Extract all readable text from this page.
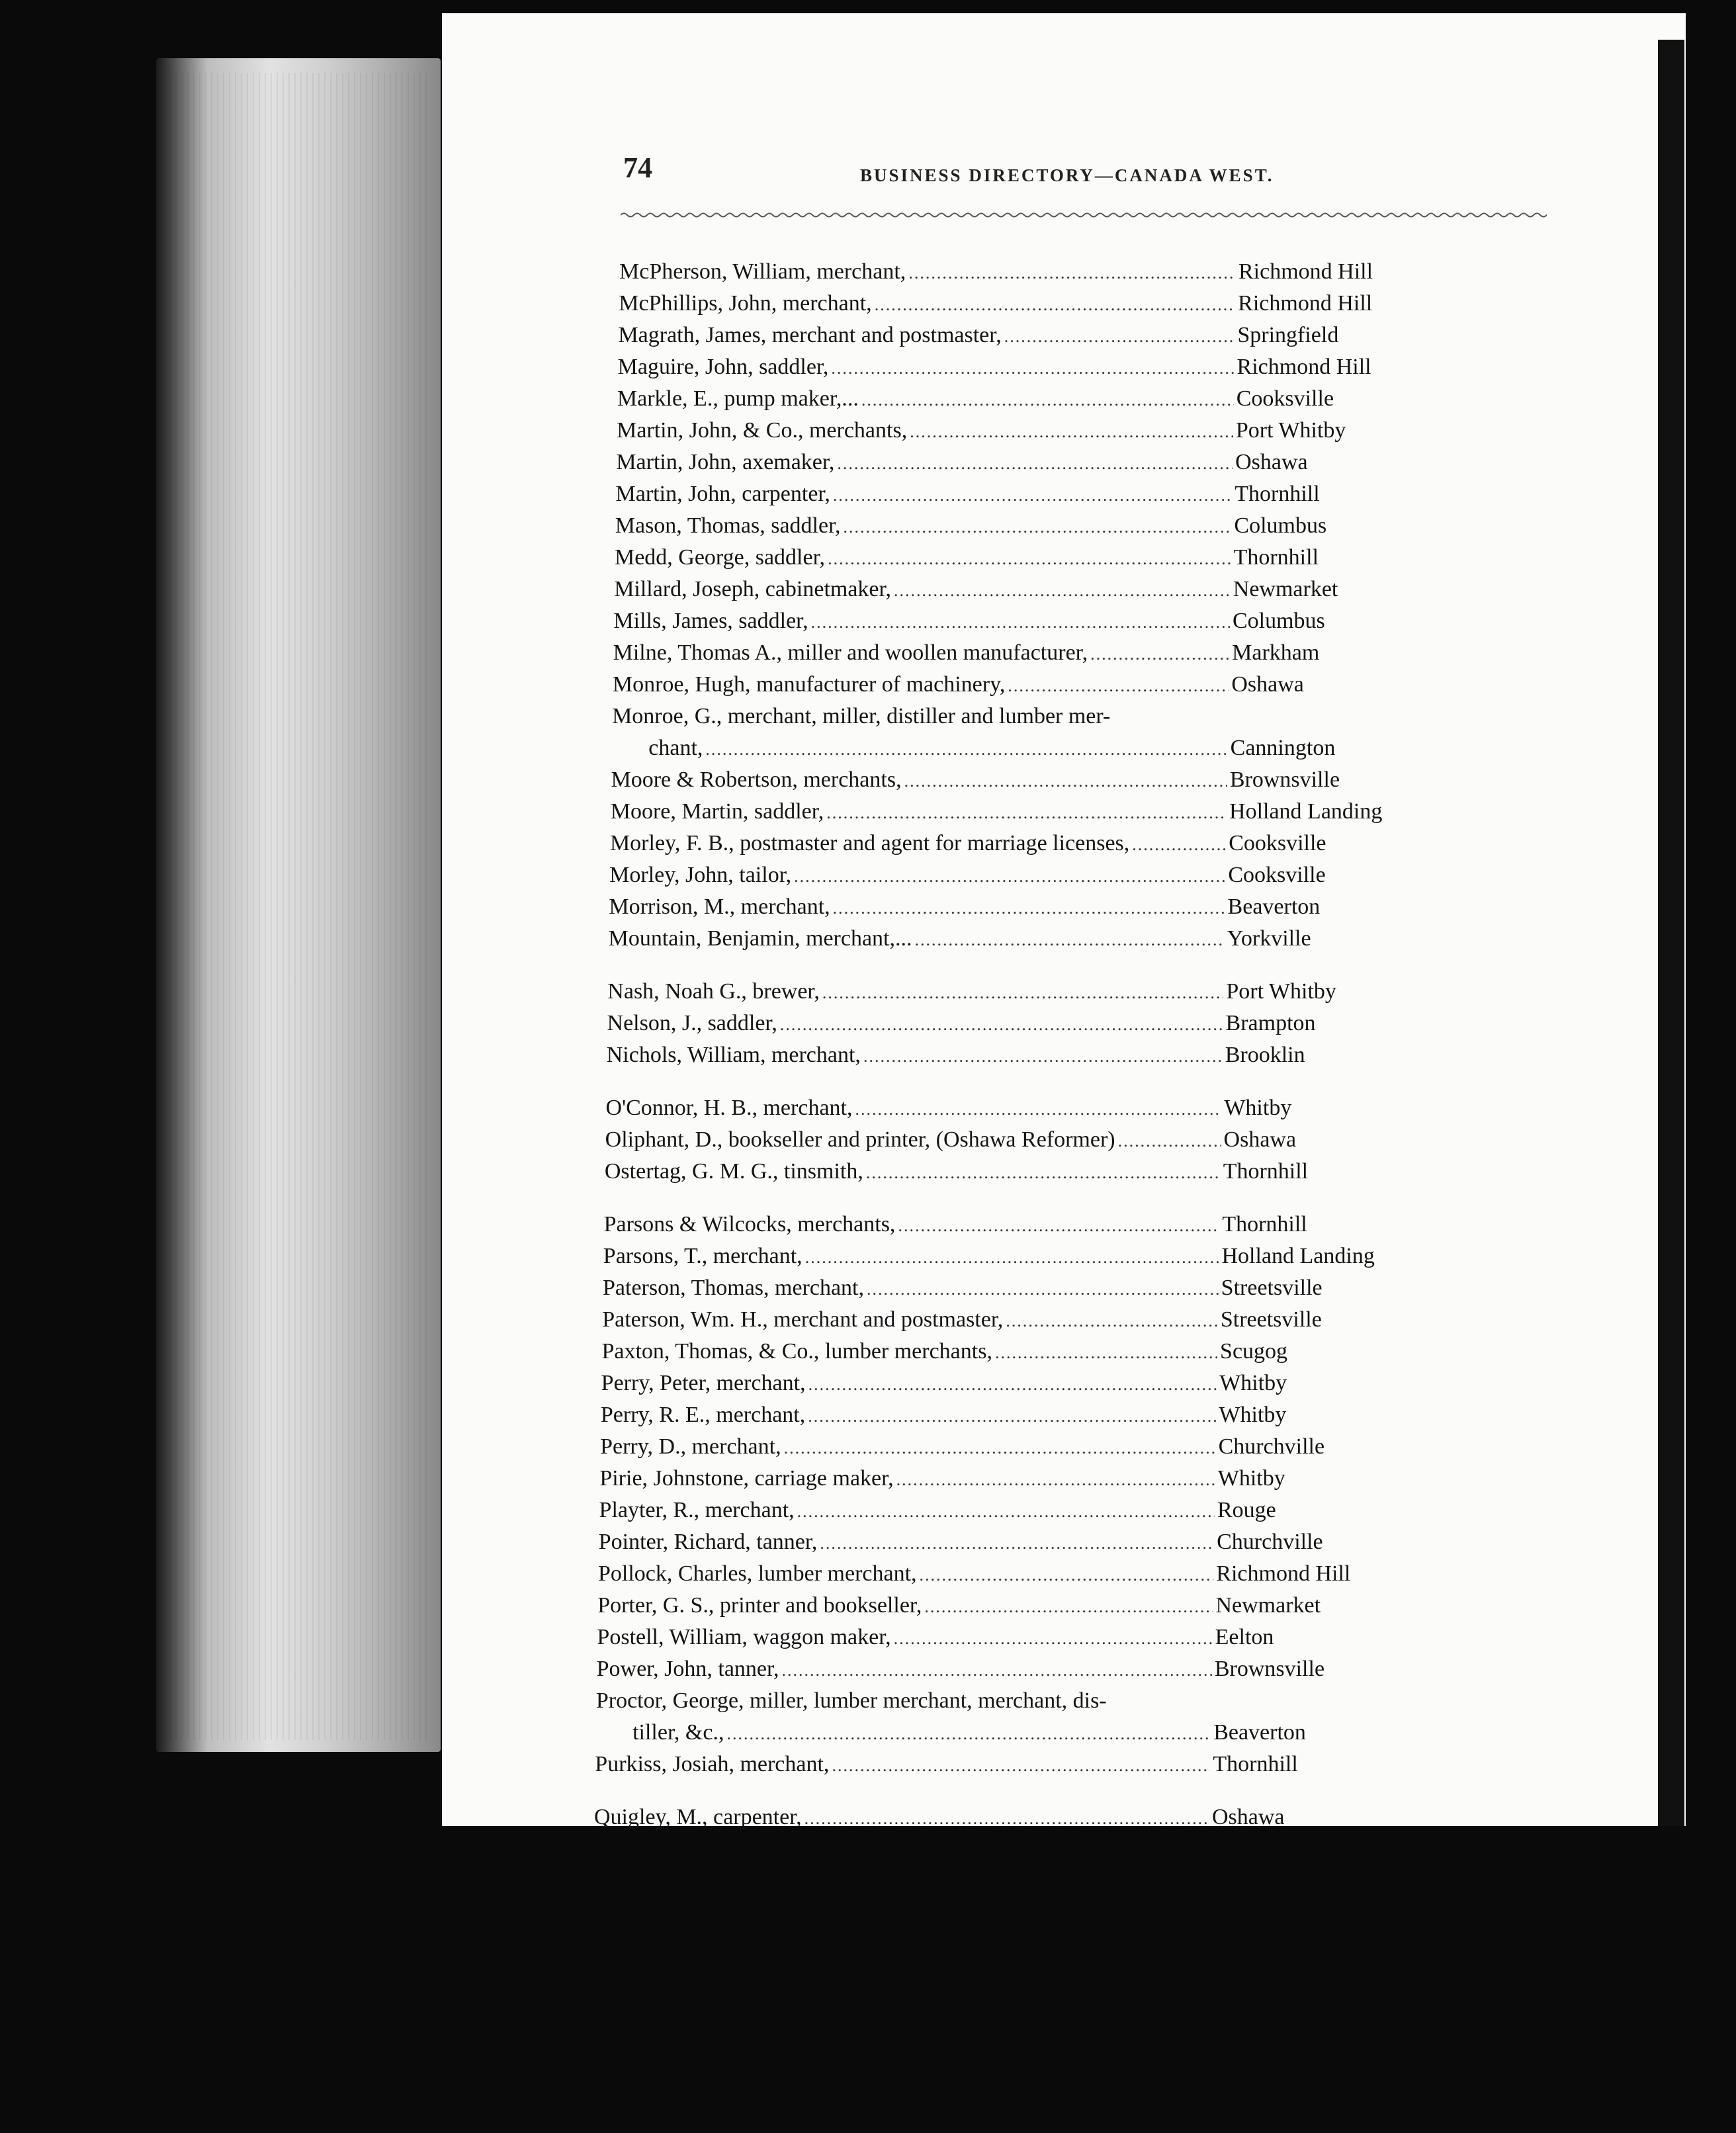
74	BUSINESS DIRECTORY—CANADA WEST.
McPherson, William, merchant, .....	Richmond Hill
McPhillips, John, merchant, .....	Richmond Hill
Magrath, James, merchant and postmaster, .....	Springfield
Maguire, John, saddler, .....	Richmond Hill
Markle, E., pump maker,... .....	Cooksville
Martin, John, & Co., merchants, .....	Port Whitby
Martin, John, axemaker, .....	Oshawa
Martin, John, carpenter, .....	Thornhill
Mason, Thomas, saddler, .....	Columbus
Medd, George, saddler, .....	Thornhill
Millard, Joseph, cabinetmaker, .....	Newmarket
Mills, James, saddler, .....	Columbus
Milne, Thomas A., miller and woollen manufacturer, .....	Markham
Monroe, Hugh, manufacturer of machinery, .....	Oshawa
Monroe, G., merchant, miller, distiller and lumber mer-
chant, .....	Cannington
Moore & Robertson, merchants, .....	Brownsville
Moore, Martin, saddler, .....	Holland Landing
Morley, F. B., postmaster and agent for marriage licenses, .....	Cooksville
Morley, John, tailor, .....	Cooksville
Morrison, M., merchant, .....	Beaverton
Mountain, Benjamin, merchant,... .....	Yorkville
Nash, Noah G., brewer, .....	Port Whitby
Nelson, J., saddler, .....	Brampton
Nichols, William, merchant, .....	Brooklin
O'Connor, H. B., merchant, .....	Whitby
Oliphant, D., bookseller and printer, (Oshawa Reformer) .....	Oshawa
Ostertag, G. M. G., tinsmith, .....	Thornhill
Parsons & Wilcocks, merchants, .....	Thornhill
Parsons, T., merchant, .....	Holland Landing
Paterson, Thomas, merchant, .....	Streetsville
Paterson, Wm. H., merchant and postmaster, .....	Streetsville
Paxton, Thomas, & Co., lumber merchants, .....	Scugog
Perry, Peter, merchant, .....	Whitby
Perry, R. E., merchant, .....	Whitby
Perry, D., merchant, .....	Churchville
Pirie, Johnstone, carriage maker, .....	Whitby
Playter, R., merchant, .....	Rouge
Pointer, Richard, tanner, .....	Churchville
Pollock, Charles, lumber merchant, .....	Richmond Hill
Porter, G. S., printer and bookseller, .....	Newmarket
Postell, William, waggon maker, .....	Eelton
Power, John, tanner, .....	Brownsville
Proctor, George, miller, lumber merchant, merchant, dis-
tiller, &c., .....	Beaverton
Purkiss, Josiah, merchant, .....	Thornhill
Quigley, M., carpenter, .....	Oshawa
